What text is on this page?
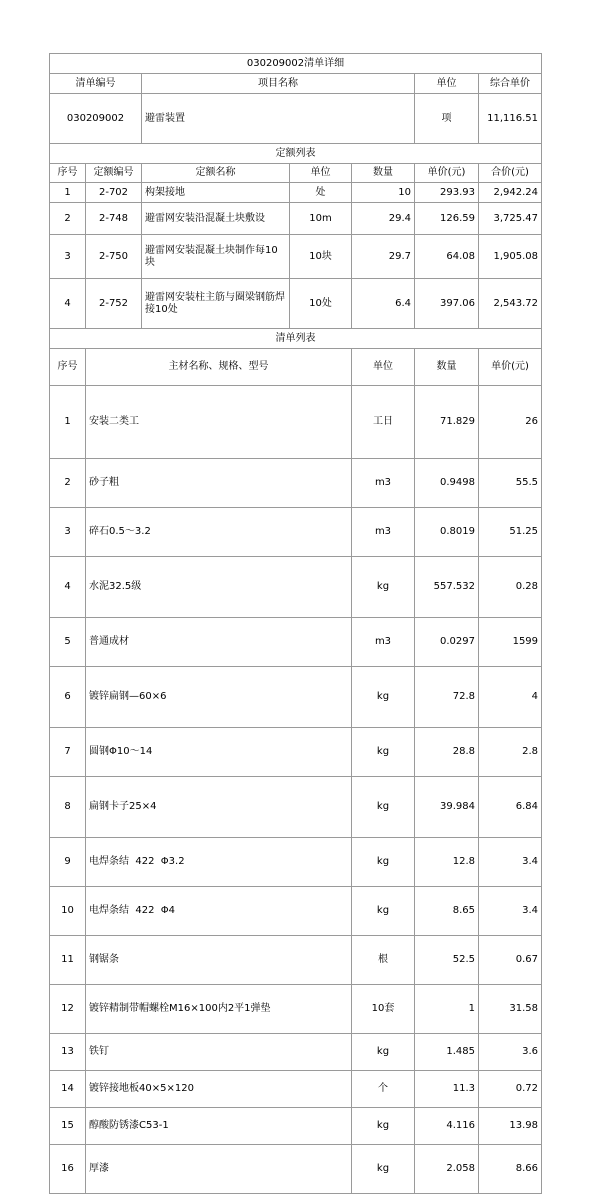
030209002清单详细							
清单编号		项目名称			单位	综合单价	
030209002		避雷装置			项	11,116.51	
定额列表							
序号	定额编号	定额名称	单位	数量	单价(元)	合价(元)	
1	2-702	构架接地	处	10	293.93	2,942.24	
2	2-748	避雷网安装沿混凝土块敷设	10m	29.4	126.59	3,725.47	
3	2-750	避雷网安装混凝土块制作每10块	10块	29.7	64.08	1,905.08	
4	2-752	避雷网安装柱主筋与圈梁钢筋焊接10处	10处	6.4	397.06	2,543.72	
清单列表							
序号	主材名称、规格、型号			单位	数量	单价(元)	
1	安装二类工			工日	71.829	26	
2	砂子粗			m3	0.9498	55.5	
3	碎石0.5～3.2			m3	0.8019	51.25	
4	水泥32.5级			kg	557.532	0.28	
5	普通成材			m3	0.0297	1599	
6	镀锌扁钢—60×6			kg	72.8	4	
7	圆钢Φ10～14			kg	28.8	2.8	
8	扁钢卡子25×4			kg	39.984	6.84	
9	电焊条结  422  Φ3.2			kg	12.8	3.4	
10	电焊条结  422  Φ4			kg	8.65	3.4	
11	钢锯条			根	52.5	0.67	
12	镀锌精制带帽螺栓M16×100内2平1弹垫			10套	1	31.58	
13	铁钉			kg	1.485	3.6	
14	镀锌接地板40×5×120			个	11.3	0.72	
15	醇酸防锈漆C53-1			kg	4.116	13.98	
16	厚漆			kg	2.058	8.66	
